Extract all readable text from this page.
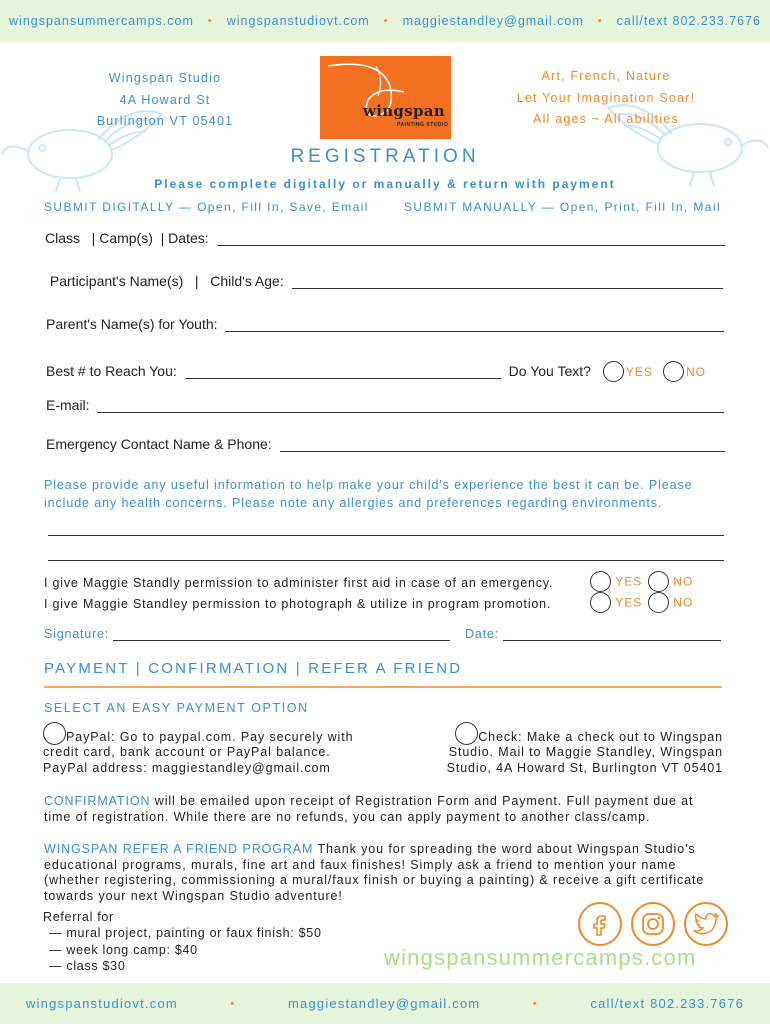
wingspansummercamps.com • wingspanstudiovt.com • maggiestandley@gmail.com • call/text 802.233.7676
Wingspan Studio
4A Howard St
Burlington VT 05401
wingspan
PAINTING STUDIO
Art, French, Nature
Let Your Imagination Soar!
All ages ~ All abilities
REGISTRATION
Please complete digitally or manually & return with payment
SUBMIT DIGITALLY — Open, Fill In, Save, Email	SUBMIT MANUALLY — Open, Print, Fill In, Mail
Class   | Camp(s)  | Dates:
Participant's Name(s)   |   Child's Age:
Parent's Name(s) for Youth:
Best # to Reach You:	Do You Text?	YES	NO
E-mail:
Emergency Contact Name & Phone:
Please provide any useful information to help make your child's experience the best it can be. Please include any health concerns. Please note any allergies and preferences regarding environments.
I give Maggie Standly permission to administer first aid in case of an emergency.	YES	NO
I give Maggie Standley permission to photograph & utilize in program promotion.	YES	NO
Signature:	Date:
PAYMENT | CONFIRMATION | REFER A FRIEND
SELECT AN EASY PAYMENT OPTION
PayPal: Go to paypal.com. Pay securely with
credit card, bank account or PayPal balance.
PayPal address: maggiestandley@gmail.com
Check: Make a check out to Wingspan
Studio. Mail to Maggie Standley, Wingspan
Studio, 4A Howard St, Burlington VT 05401
CONFIRMATION will be emailed upon receipt of Registration Form and Payment. Full payment due at time of registration. While there are no refunds, you can apply payment to another class/camp.
WINGSPAN REFER A FRIEND PROGRAM Thank you for spreading the word about Wingspan Studio's educational programs, murals, fine art and faux finishes! Simply ask a friend to mention your name (whether registering, commissioning a mural/faux finish or buying a painting) & receive a gift certificate towards your next Wingspan Studio adventure!
Referral for
— mural project, painting or faux finish: $50
— week long camp: $40
— class $30	wingspansummercamps.com
wingspanstudiovt.com	•	maggiestandley@gmail.com	•	call/text 802.233.7676
